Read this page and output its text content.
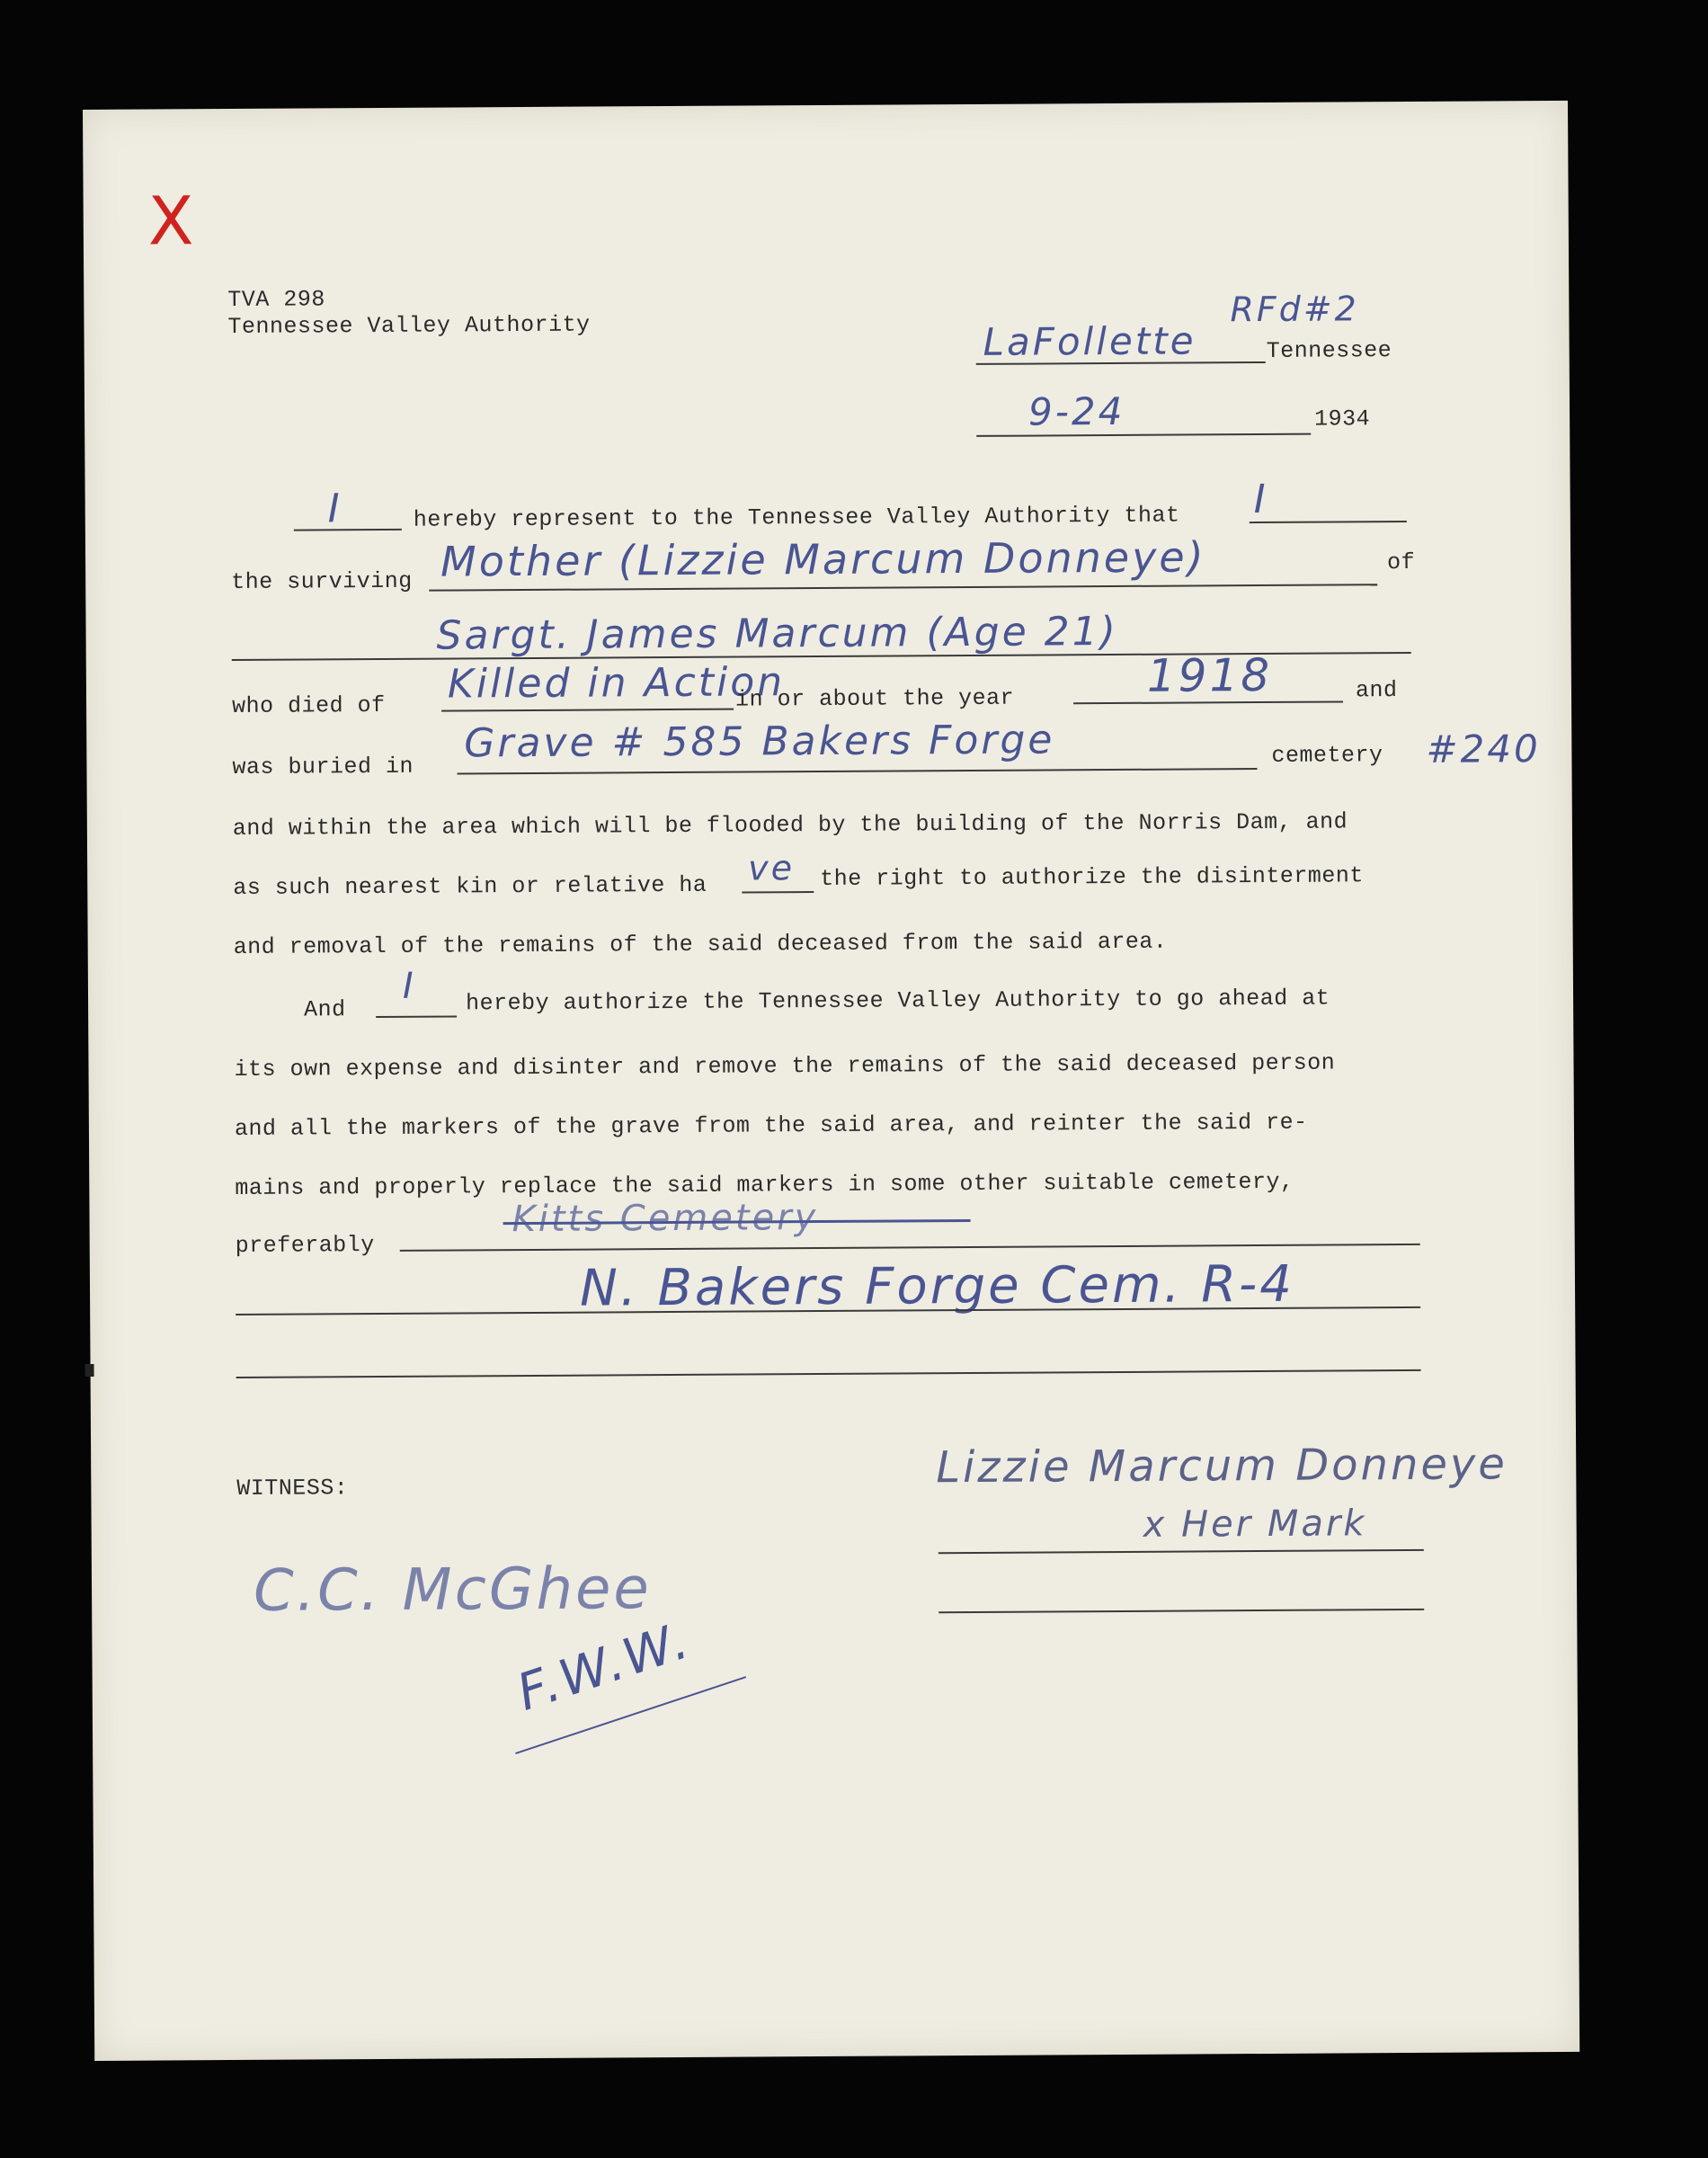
X
TVA 298
Tennessee Valley Authority	RFd#2
LaFollette	Tennessee
9-24	1934
I	hereby represent to the Tennessee Valley Authority that I
the surviving Mother (Lizzie Marcum Donneye)	of
Sargt. James Marcum (Age 21)
who died of Killed in Action
in or about the year	1918	and
was buried in
Grave # 585 Bakers Forge	cemetery #240
and within the area which will be flooded by the building of the Norris Dam, and
as such nearest kin or relative ha ve the right to authorize the disinterment
and removal of the remains of the said deceased from the said area.
And
I hereby authorize the Tennessee Valley Authority to go ahead at
its own expense and disinter and remove the remains of the said deceased person
and all the markers of the grave from the said area, and reinter the said re-
mains and properly replace the said markers in some other suitable cemetery,
preferably
Kitts Cemetery
N. Bakers Forge Cem. R-4
WITNESS:	Lizzie Marcum Donneye
x Her Mark
C.C. McGhee
F.W.W.
